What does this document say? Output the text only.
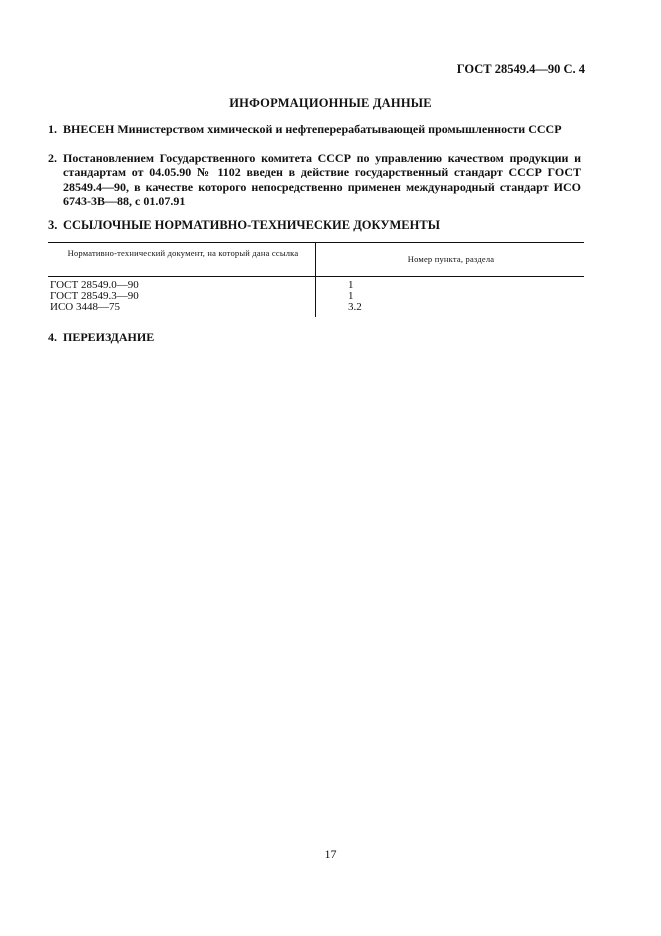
ГОСТ 28549.4—90 С. 4
ИНФОРМАЦИОННЫЕ ДАННЫЕ
1. ВНЕСЕН Министерством химической и нефтеперерабатывающей промышленности СССР
2. Постановлением Государственного комитета СССР по управлению качеством продукции и стандартам от 04.05.90 № 1102 введен в действие государственный стандарт СССР ГОСТ 28549.4—90, в качестве которого непосредственно применен международный стандарт ИСО 6743-3В—88, с 01.07.91
3. ССЫЛОЧНЫЕ НОРМАТИВНО-ТЕХНИЧЕСКИЕ ДОКУМЕНТЫ
Нормативно-технический документ, на который дана ссылка
Номер пункта, раздела
ГОСТ 28549.0—90	1
ГОСТ 28549.3—90	1
ИСО 3448—75	3.2
4. ПЕРЕИЗДАНИЕ
17
